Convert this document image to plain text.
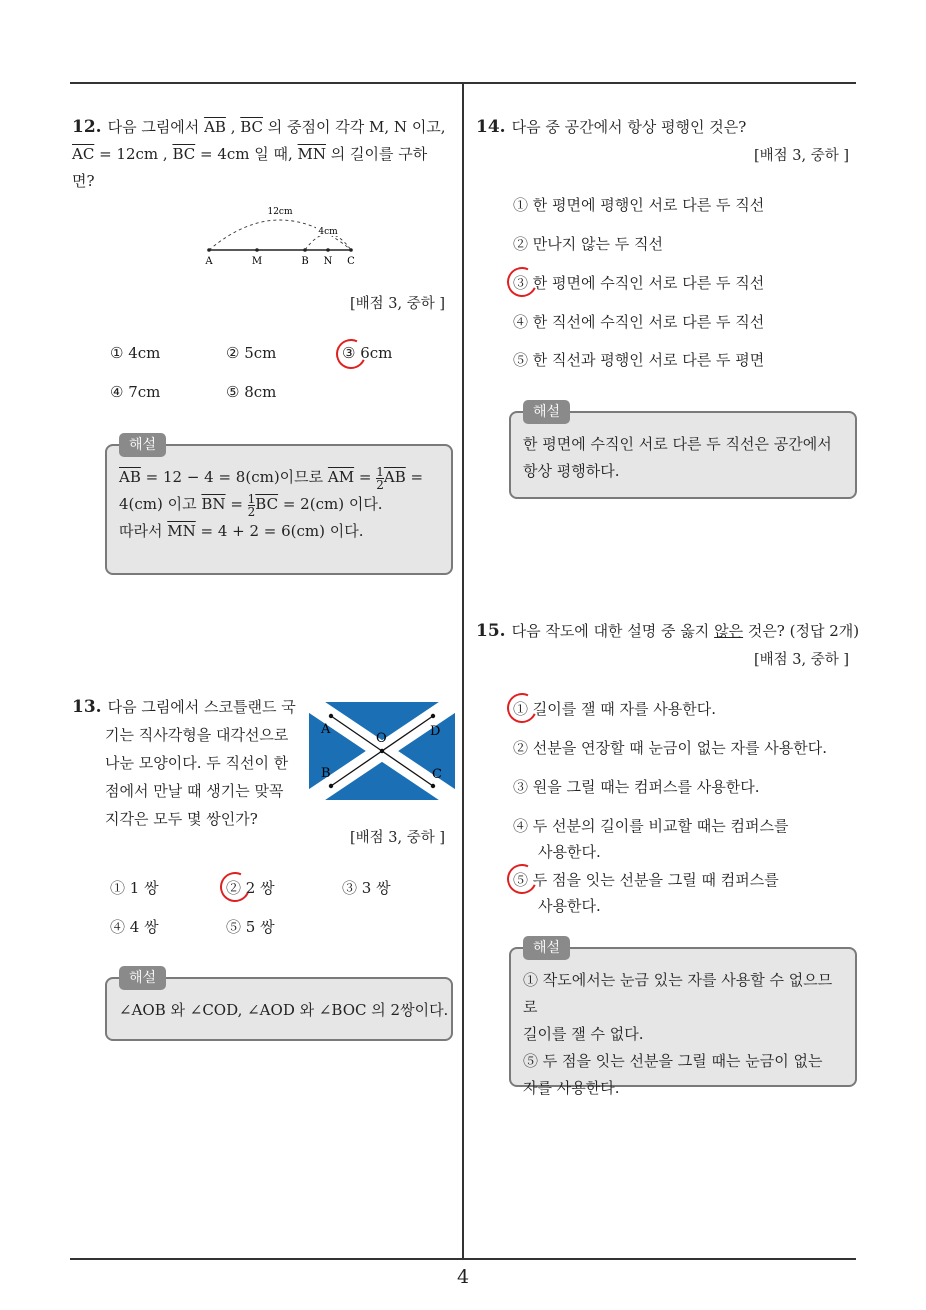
12. 다음 그림에서 $\overline{AB}$ , $\overline{BC}$ 의 중점이 각각 M, N 이고,
$\overline{AC} = 12cm$ , $\overline{BC} = 4cm$ 일 때, $\overline{MN}$ 의 길이를 구하
면?
12cm
4cm
A	M	B N C
[배점 3, 중하 ]
① 4cm	② 5cm	③ 6cm
④ 7cm	⑤ 8cm
해설
$\overline{AB} = 12 - 4 = 8(cm)$이므로 $\overline{AM} = \frac{1}{2} \overline{AB}$ =
4(cm) 이고 $\overline{BN} = \frac{1}{2} \overline{BC} = 2(cm)$ 이다.
따라서 $\overline{MN} = 4 + 2 = 6(cm)$ 이다.
13. 다음 그림에서 스코틀랜드 국
기는 직사각형을 대각선으로
나눈 모양이다. 두 직선이 한
점에서 만날 때 생기는 맞꼭
지각은 모두 몇 쌍인가?
A
O	D
B	C
[배점 3, 중하 ]
① 1 쌍	② 2 쌍	③ 3 쌍
④ 4 쌍	⑤ 5 쌍
해설
∠AOB 와 ∠COD, ∠AOD 와 ∠BOC 의 2쌍이다.
14. 다음 중 공간에서 항상 평행인 것은?
[배점 3, 중하 ]
① 한 평면에 평행인 서로 다른 두 직선
② 만나지 않는 두 직선
③ 한 평면에 수직인 서로 다른 두 직선
④ 한 직선에 수직인 서로 다른 두 직선
⑤ 한 직선과 평행인 서로 다른 두 평면
해설
한 평면에 수직인 서로 다른 두 직선은 공간에서
항상 평행하다.
15. 다음 작도에 대한 설명 중 옳지 않은 것은? (정답 2개)
[배점 3, 중하 ]
① 길이를 잴 때 자를 사용한다.
② 선분을 연장할 때 눈금이 없는 자를 사용한다.
③ 원을 그릴 때는 컴퍼스를 사용한다.
④ 두 선분의 길이를 비교할 때는 컴퍼스를
사용한다.
⑤ 두 점을 잇는 선분을 그릴 때 컴퍼스를
사용한다.
해설
① 작도에서는 눈금 있는 자를 사용할 수 없으므로
길이를 잴 수 없다.
⑤ 두 점을 잇는 선분을 그릴 때는 눈금이 없는
자를 사용한다.
4
